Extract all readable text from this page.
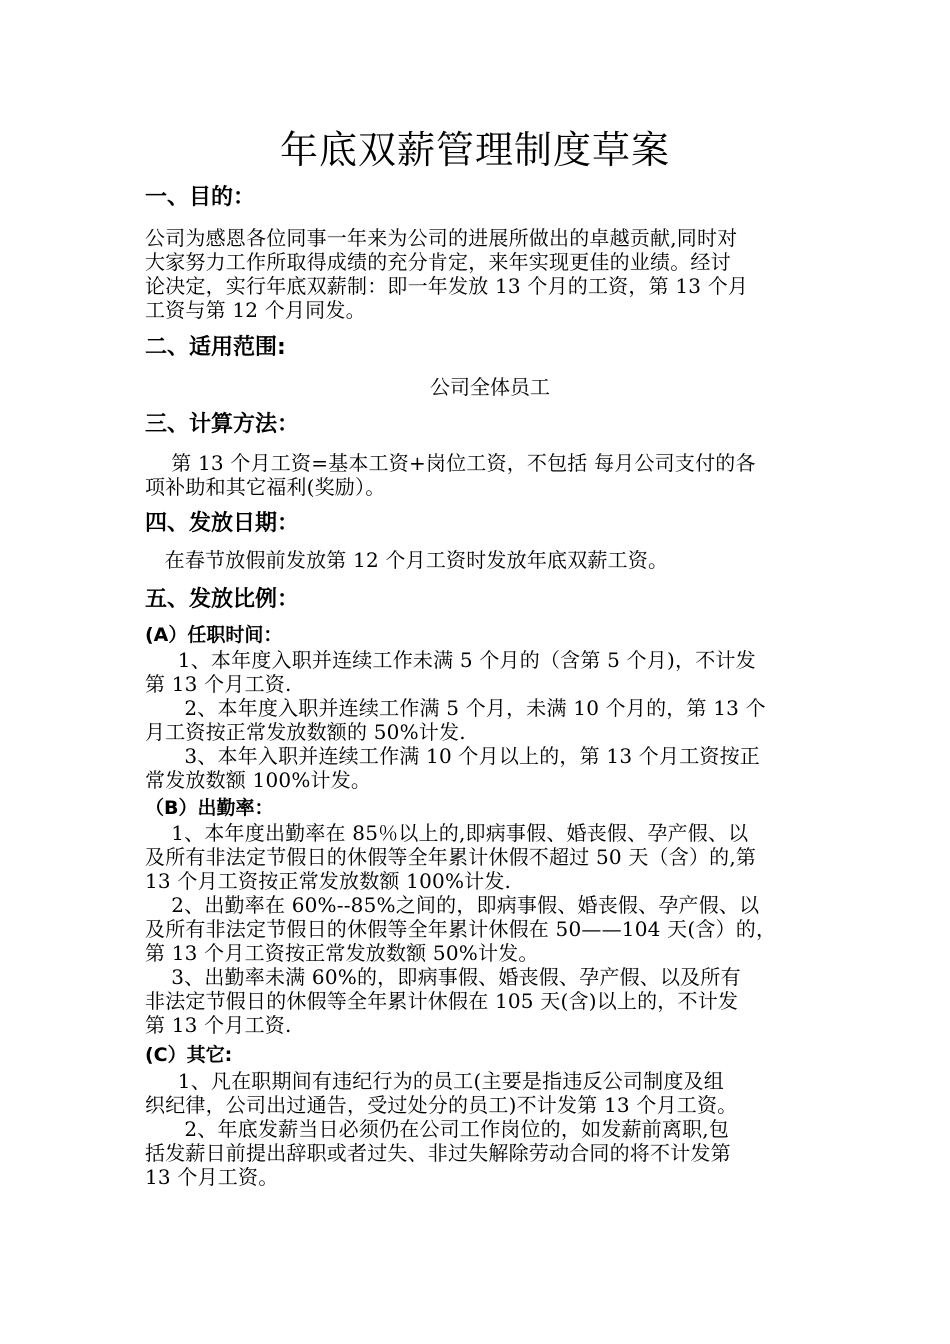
年底双薪管理制度草案
一、目的：
公司为感恩各位同事一年来为公司的进展所做出的卓越贡献,同时对
大家努力工作所取得成绩的充分肯定，来年实现更佳的业绩。经讨
论决定，实行年底双薪制：即一年发放 13 个月的工资，第 13 个月
工资与第 12 个月同发。
二、适用范围:
公司全体员工
三、计算方法：
第 13 个月工资=基本工资+岗位工资，不包括 每月公司支付的各
项补助和其它福利(奖励）。
四、发放日期：
在春节放假前发放第 12 个月工资时发放年底双薪工资。
五、发放比例：
(A）任职时间：
1、本年度入职并连续工作未满 5 个月的（含第 5 个月)，不计发
第 13 个月工资.
2、本年度入职并连续工作满 5 个月，未满 10 个月的，第 13 个
月工资按正常发放数额的 50%计发.
3、本年入职并连续工作满 10 个月以上的，第 13 个月工资按正
常发放数额 100%计发。
（B）出勤率：
1、本年度出勤率在 85％以上的,即病事假、婚丧假、孕产假、以
及所有非法定节假日的休假等全年累计休假不超过 50 天（含）的,第
13 个月工资按正常发放数额 100%计发.
2、出勤率在 60%--85%之间的，即病事假、婚丧假、孕产假、以
及所有非法定节假日的休假等全年累计休假在 50——104 天(含）的，
第 13 个月工资按正常发放数额 50%计发。
3、出勤率未满 60%的，即病事假、婚丧假、孕产假、以及所有
非法定节假日的休假等全年累计休假在 105 天(含)以上的，不计发
第 13 个月工资.
(C）其它:
1、凡在职期间有违纪行为的员工(主要是指违反公司制度及组
织纪律，公司出过通告，受过处分的员工)不计发第 13 个月工资。
2、年底发薪当日必须仍在公司工作岗位的，如发薪前离职,包
括发薪日前提出辞职或者过失、非过失解除劳动合同的将不计发第
13 个月工资。
